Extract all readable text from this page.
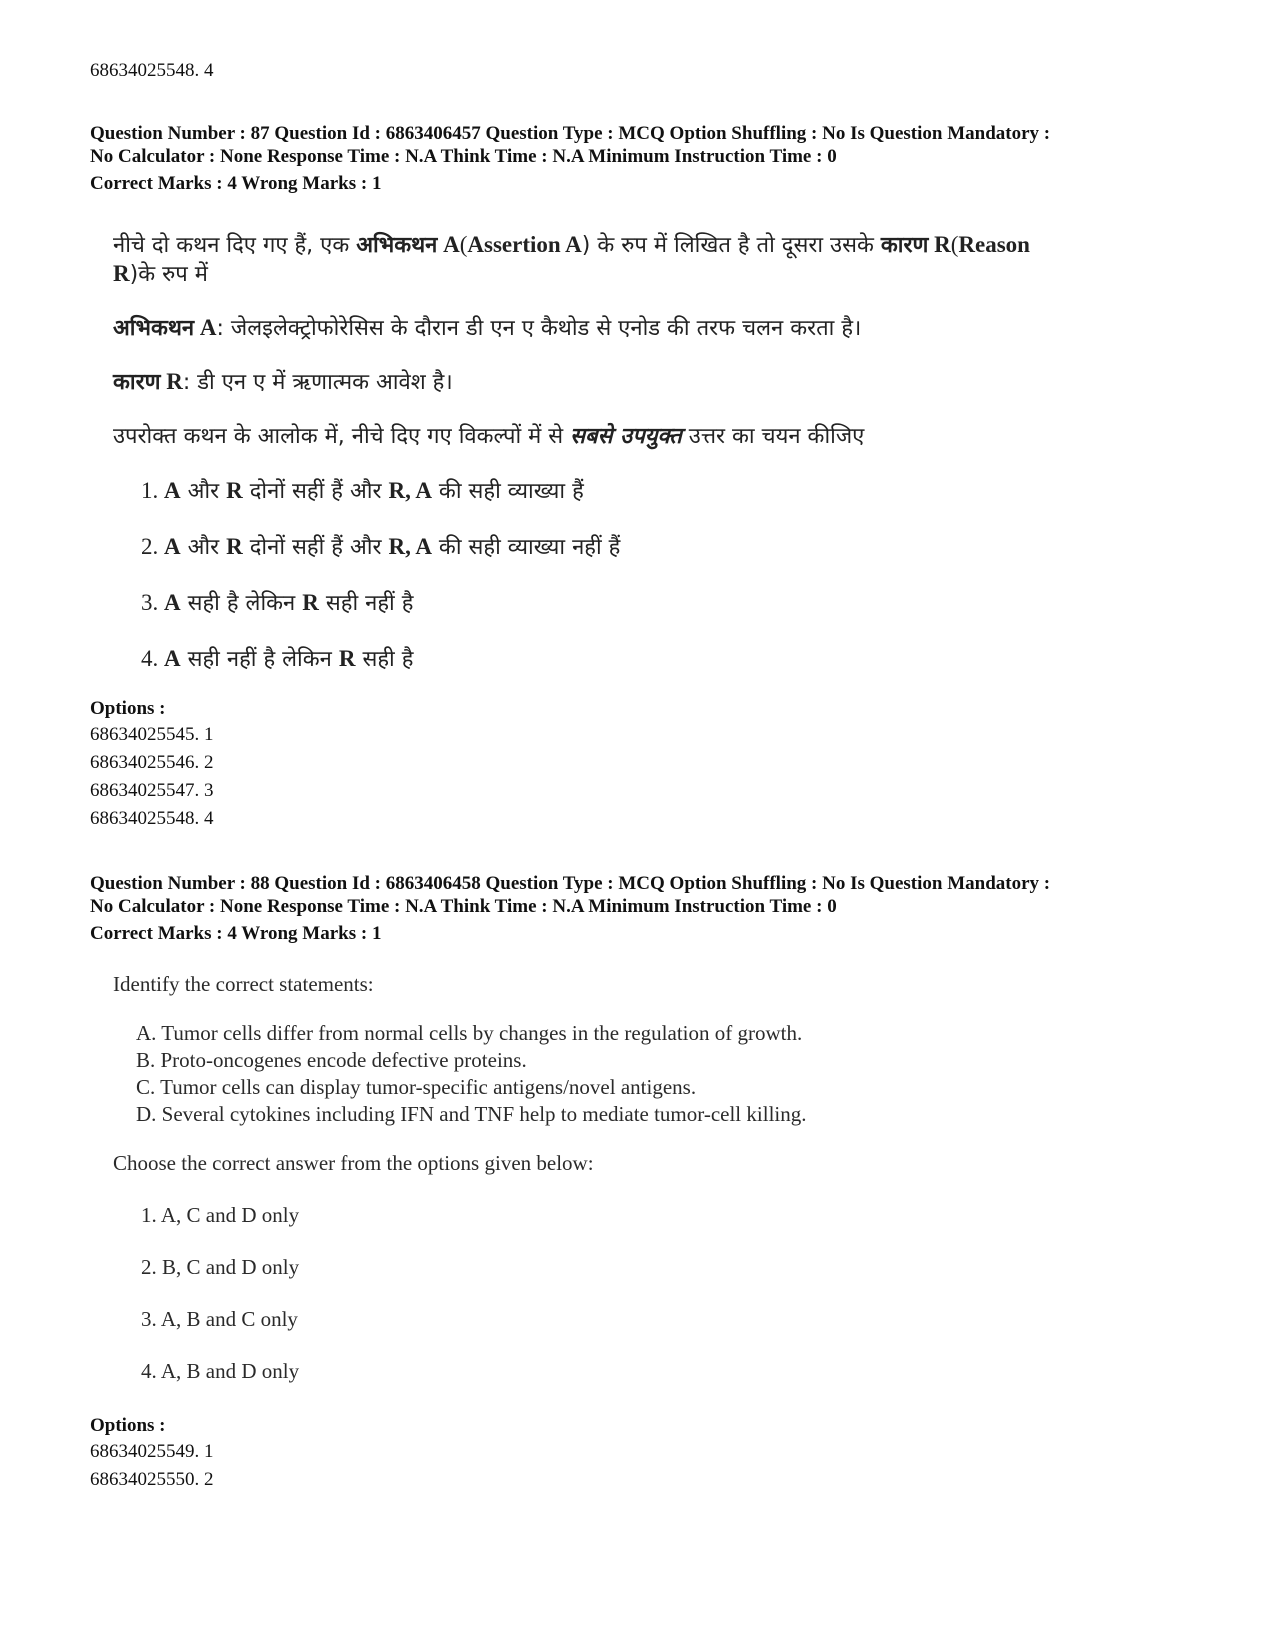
68634025548. 4
Question Number : 87 Question Id : 6863406457 Question Type : MCQ Option Shuffling : No Is Question Mandatory :
No Calculator : None Response Time : N.A Think Time : N.A Minimum Instruction Time : 0
Correct Marks : 4 Wrong Marks : 1
नीचे दो कथन दिए गए हैं, एक अभिकथन A(Assertion A) के रुप में लिखित है तो दूसरा उसके कारण R(Reason
R)के रुप में
अभिकथन A: जेलइलेक्ट्रोफोरेसिस के दौरान डी एन ए कैथोड से एनोड की तरफ चलन करता है।
कारण R: डी एन ए में ऋणात्मक आवेश है।
उपरोक्त कथन के आलोक में, नीचे दिए गए विकल्पों में से सबसे उपयुक्त उत्तर का चयन कीजिए
1. A और R दोनों सहीं हैं और R, A की सही व्याख्या हैं
2. A और R दोनों सहीं हैं और R, A की सही व्याख्या नहीं हैं
3. A सही है लेकिन R सही नहीं है
4. A सही नहीं है लेकिन R सही है
Options :
68634025545. 1
68634025546. 2
68634025547. 3
68634025548. 4
Question Number : 88 Question Id : 6863406458 Question Type : MCQ Option Shuffling : No Is Question Mandatory :
No Calculator : None Response Time : N.A Think Time : N.A Minimum Instruction Time : 0
Correct Marks : 4 Wrong Marks : 1
Identify the correct statements:
A. Tumor cells differ from normal cells by changes in the regulation of growth.
B. Proto-oncogenes encode defective proteins.
C. Tumor cells can display tumor-specific antigens/novel antigens.
D. Several cytokines including IFN and TNF help to mediate tumor-cell killing.
Choose the correct answer from the options given below:
1. A, C and D only
2. B, C and D only
3. A, B and C only
4. A, B and D only
Options :
68634025549. 1
68634025550. 2
